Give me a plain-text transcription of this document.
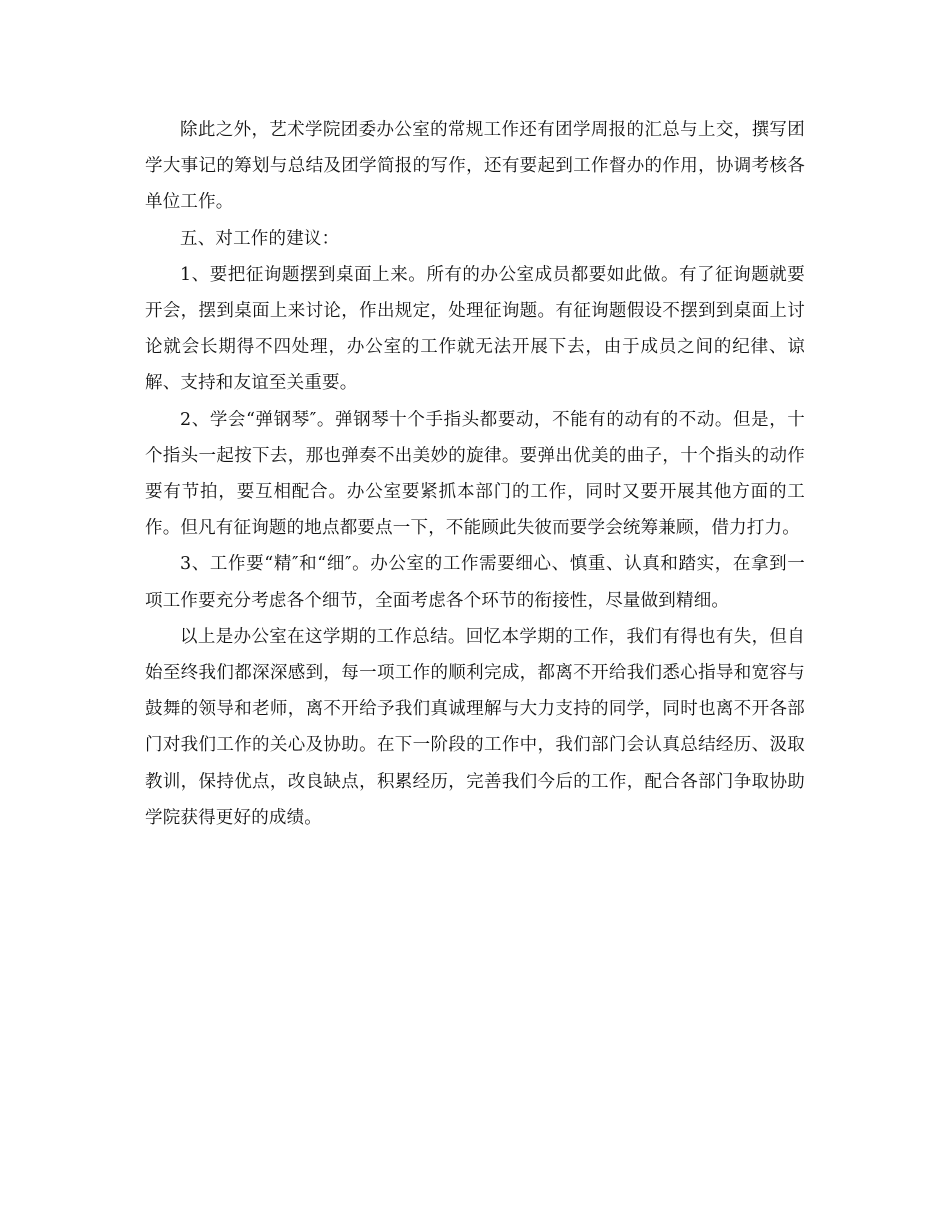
除此之外，艺术学院团委办公室的常规工作还有团学周报的汇总与上交，撰写团学大事记的筹划与总结及团学简报的写作，还有要起到工作督办的作用，协调考核各单位工作。

五、对工作的建议：

1、要把征询题摆到桌面上来。所有的办公室成员都要如此做。有了征询题就要开会，摆到桌面上来讨论，作出规定，处理征询题。有征询题假设不摆到到桌面上讨论就会长期得不四处理，办公室的工作就无法开展下去，由于成员之间的纪律、谅解、支持和友谊至关重要。

2、学会“弹钢琴″。弹钢琴十个手指头都要动，不能有的动有的不动。但是，十个指头一起按下去，那也弹奏不出美妙的旋律。要弹出优美的曲子，十个指头的动作要有节拍，要互相配合。办公室要紧抓本部门的工作，同时又要开展其他方面的工作。但凡有征询题的地点都要点一下，不能顾此失彼而要学会统筹兼顾，借力打力。

3、工作要“精″和“细″。办公室的工作需要细心、慎重、认真和踏实，在拿到一项工作要充分考虑各个细节，全面考虑各个环节的衔接性，尽量做到精细。

以上是办公室在这学期的工作总结。回忆本学期的工作，我们有得也有失，但自始至终我们都深深感到，每一项工作的顺利完成，都离不开给我们悉心指导和宽容与鼓舞的领导和老师，离不开给予我们真诚理解与大力支持的同学，同时也离不开各部门对我们工作的关心及协助。在下一阶段的工作中，我们部门会认真总结经历、汲取教训，保持优点，改良缺点，积累经历，完善我们今后的工作，配合各部门争取协助学院获得更好的成绩。
